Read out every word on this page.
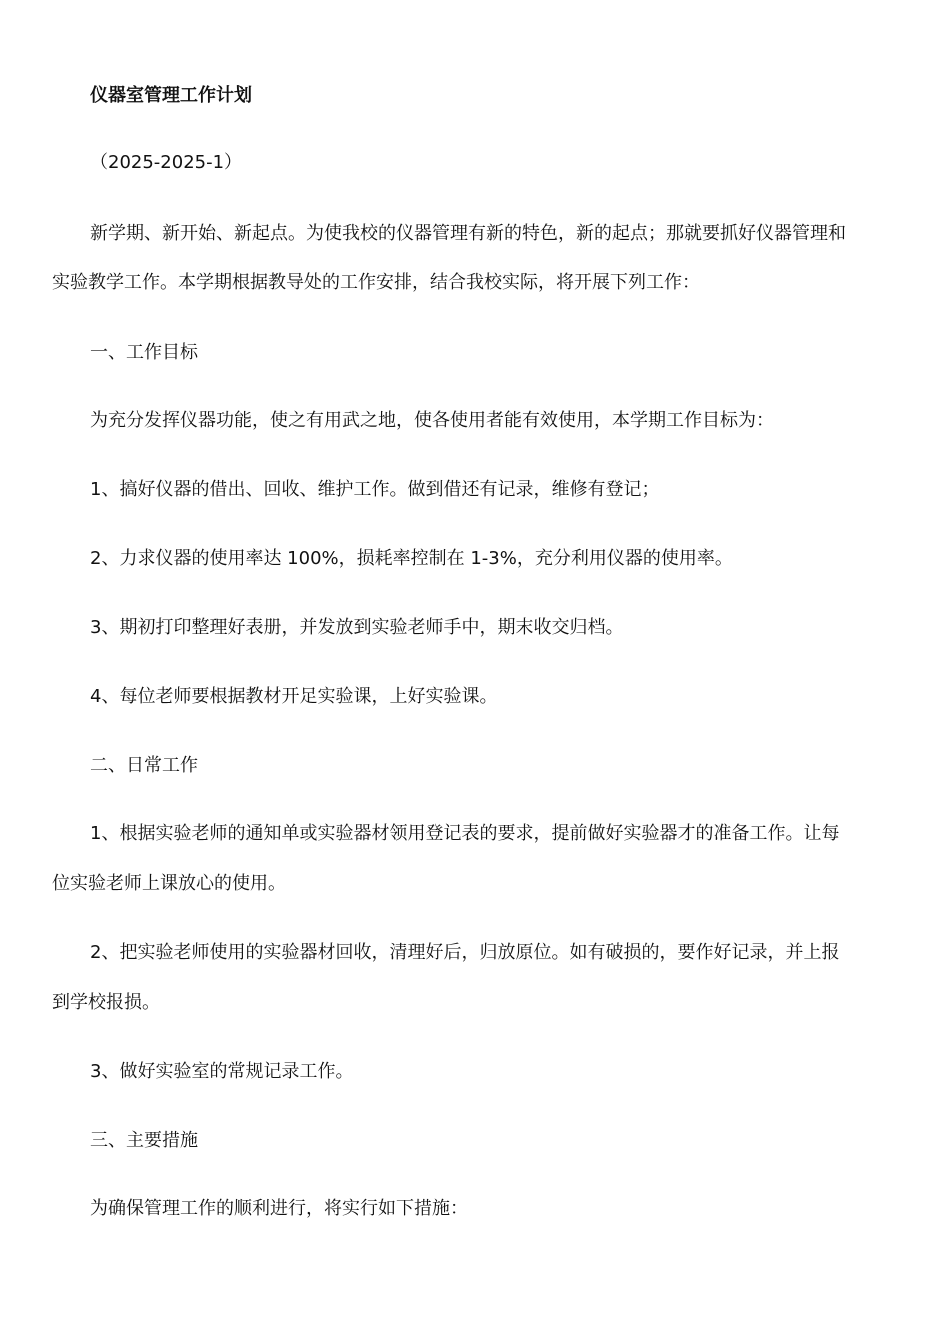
仪器室管理工作计划
（2025-2025-1）
新学期、新开始、新起点。为使我校的仪器管理有新的特色，新的起点；那就要抓好仪器管理和
实验教学工作。本学期根据教导处的工作安排，结合我校实际，将开展下列工作：
一、工作目标
为充分发挥仪器功能，使之有用武之地，使各使用者能有效使用，本学期工作目标为：
1、搞好仪器的借出、回收、维护工作。做到借还有记录，维修有登记；
2、力求仪器的使用率达 100%，损耗率控制在 1-3%，充分利用仪器的使用率。
3、期初打印整理好表册，并发放到实验老师手中，期末收交归档。
4、每位老师要根据教材开足实验课，上好实验课。
二、日常工作
1、根据实验老师的通知单或实验器材领用登记表的要求，提前做好实验器才的准备工作。让每
位实验老师上课放心的使用。
2、把实验老师使用的实验器材回收，清理好后，归放原位。如有破损的，要作好记录，并上报
到学校报损。
3、做好实验室的常规记录工作。
三、主要措施
为确保管理工作的顺利进行，将实行如下措施：
